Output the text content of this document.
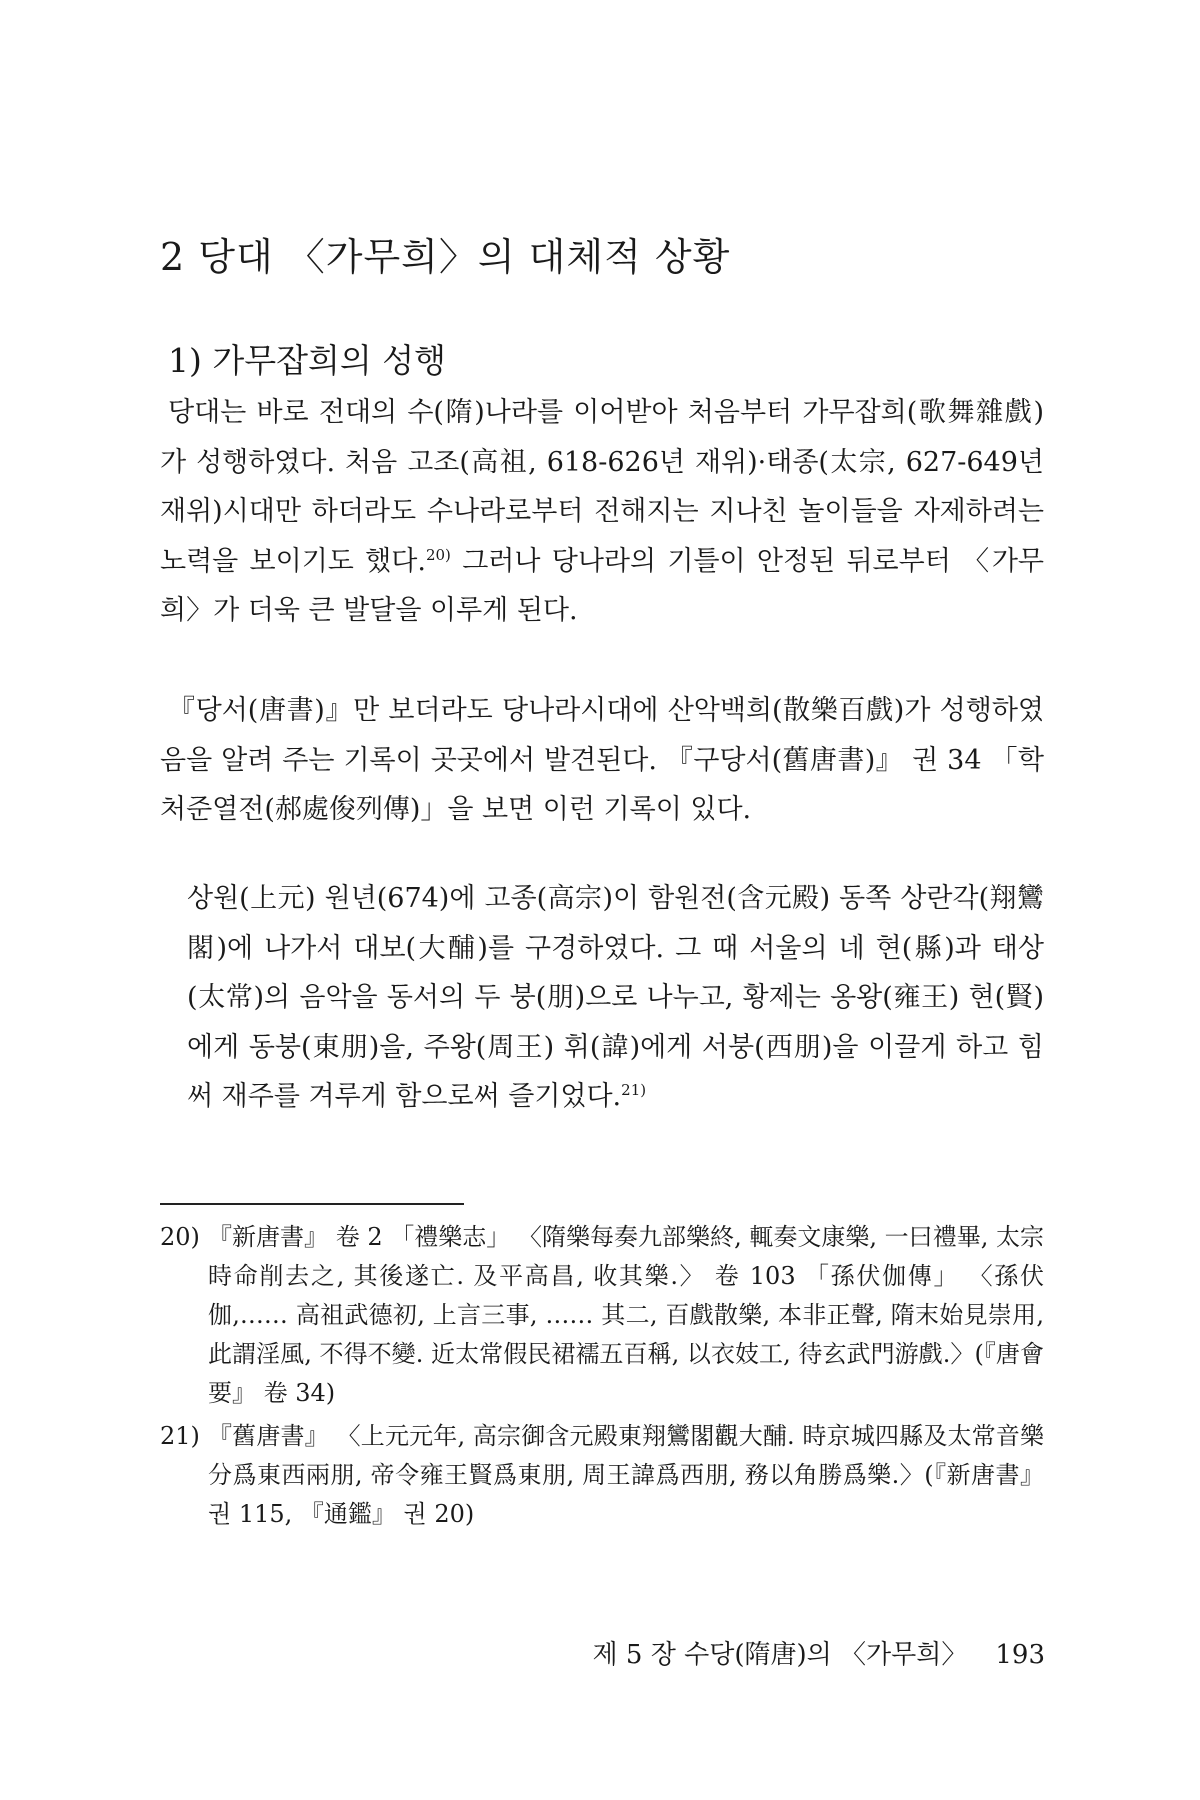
2 당대 〈가무희〉의 대체적 상황
1) 가무잡희의 성행

당대는 바로 전대의 수(隋)나라를 이어받아 처음부터 가무잡희(歌舞雜戲)가 성행하였다. 처음 고조(高祖, 618-626년 재위)·태종(太宗, 627-649년 재위)시대만 하더라도 수나라로부터 전해지는 지나친 놀이들을 자제하려는 노력을 보이기도 했다.$^{20)}$ 그러나 당나라의 기틀이 안정된 뒤로부터 〈가무희〉가 더욱 큰 발달을 이루게 된다.

『당서(唐書)』만 보더라도 당나라시대에 산악백희(散樂百戲)가 성행하였음을 알려 주는 기록이 곳곳에서 발견된다. 『구당서(舊唐書)』 권 34 「학처준열전(郝處俊列傳)」을 보면 이런 기록이 있다.

상원(上元) 원년(674)에 고종(高宗)이 함원전(含元殿) 동쪽 상란각(翔鸞閣)에 나가서 대보(大酺)를 구경하였다. 그 때 서울의 네 현(縣)과 태상(太常)의 음악을 동서의 두 붕(朋)으로 나누고, 황제는 옹왕(雍王) 현(賢)에게 동붕(東朋)을, 주왕(周王) 휘(諱)에게 서붕(西朋)을 이끌게 하고 힘써 재주를 겨루게 함으로써 즐기었다.$^{21)}$

20) 『新唐書』 卷 2 「禮樂志」 〈隋樂每奏九部樂終, 輒奏文康樂, 一曰禮畢, 太宗時命削去之, 其後遂亡. 及平高昌, 收其樂.〉 卷 103 「孫伏伽傳」 〈孫伏伽,…… 高祖武德初, 上言三事, …… 其二, 百戲散樂, 本非正聲, 隋末始見崇用, 此謂淫風, 不得不變. 近太常假民裙襦五百稱, 以衣妓工, 待玄武門游戲.〉(『唐會要』 卷 34)
21) 『舊唐書』 〈上元元年, 高宗御含元殿東翔鸞閣觀大酺. 時京城四縣及太常音樂分爲東西兩朋, 帝令雍王賢爲東朋, 周王諱爲西朋, 務以角勝爲樂.〉(『新唐書』 권 115, 『通鑑』 권 20)
제 5 장 수당(隋唐)의 〈가무희〉 193
